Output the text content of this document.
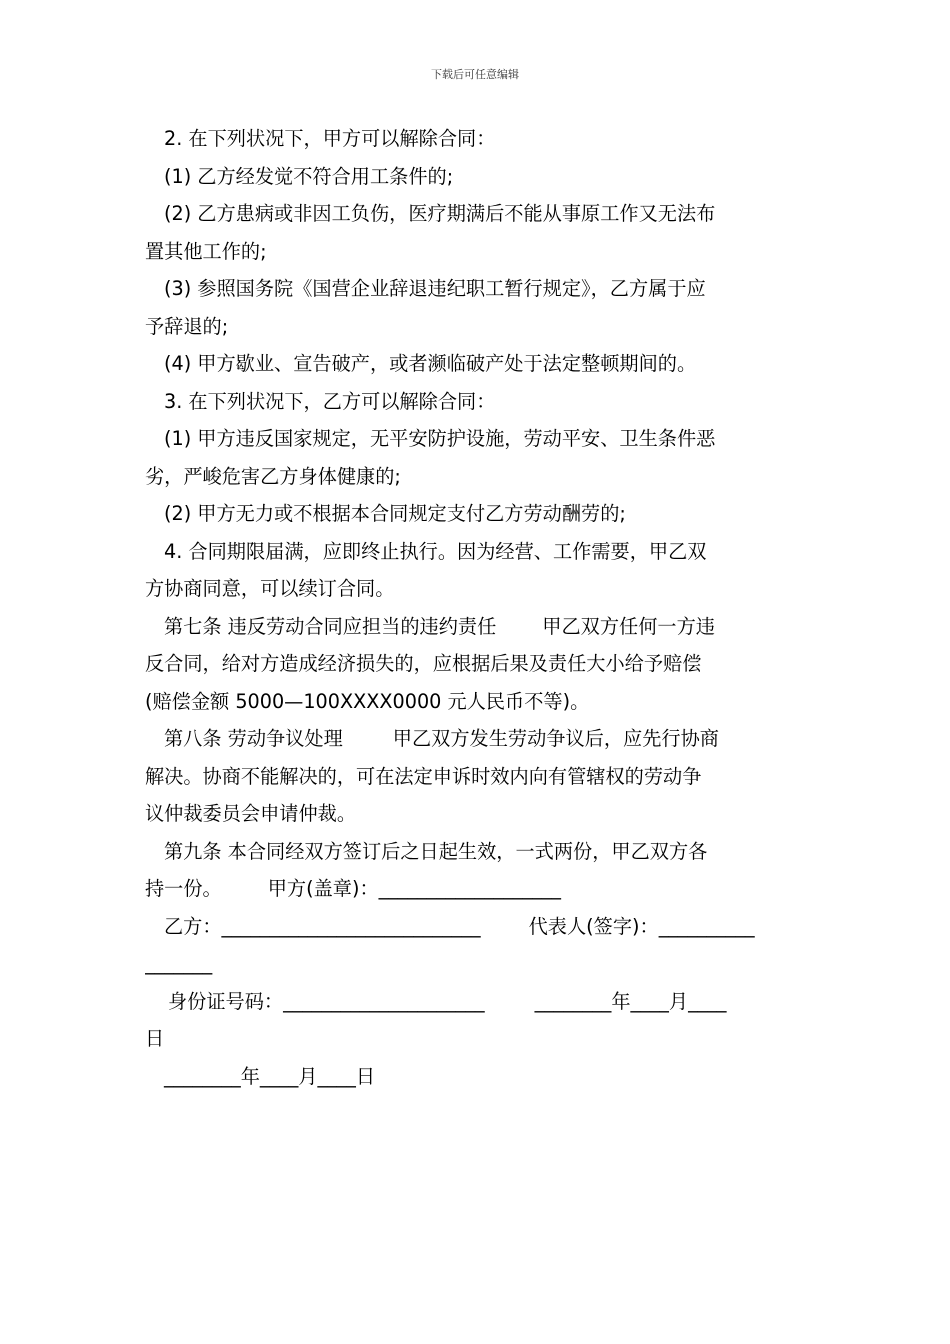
下载后可任意编辑

2. 在下列状况下，甲方可以解除合同：

(1) 乙方经发觉不符合用工条件的;

(2) 乙方患病或非因工负伤，医疗期满后不能从事原工作又无法布

置其他工作的;

(3) 参照国务院《国营企业辞退违纪职工暂行规定》，乙方属于应

予辞退的;

(4) 甲方歇业、宣告破产，或者濒临破产处于法定整顿期间的。

3. 在下列状况下，乙方可以解除合同：

(1) 甲方违反国家规定，无平安防护设施，劳动平安、卫生条件恶

劣，严峻危害乙方身体健康的;

(2) 甲方无力或不根据本合同规定支付乙方劳动酬劳的;

4. 合同期限届满，应即终止执行。因为经营、工作需要，甲乙双

方协商同意，可以续订合同。

第七条 违反劳动合同应担当的违约责任 甲乙双方任何一方违

反合同，给对方造成经济损失的，应根据后果及责任大小给予赔偿

(赔偿金额 5000—100XXXX0000 元人民币不等)。

第八条 劳动争议处理	甲乙双方发生劳动争议后，应先行协商

解决。协商不能解决的，可在法定申诉时效内向有管辖权的劳动争

议仲裁委员会申请仲裁。

第九条 本合同经双方签订后之日起生效，一式两份，甲乙双方各

持一份。 甲方(盖章)：___________________

乙方：___________________________	代表人(签字)：__________

_______

身份证号码：_____________________	________年____月____

日

________年____月____日
